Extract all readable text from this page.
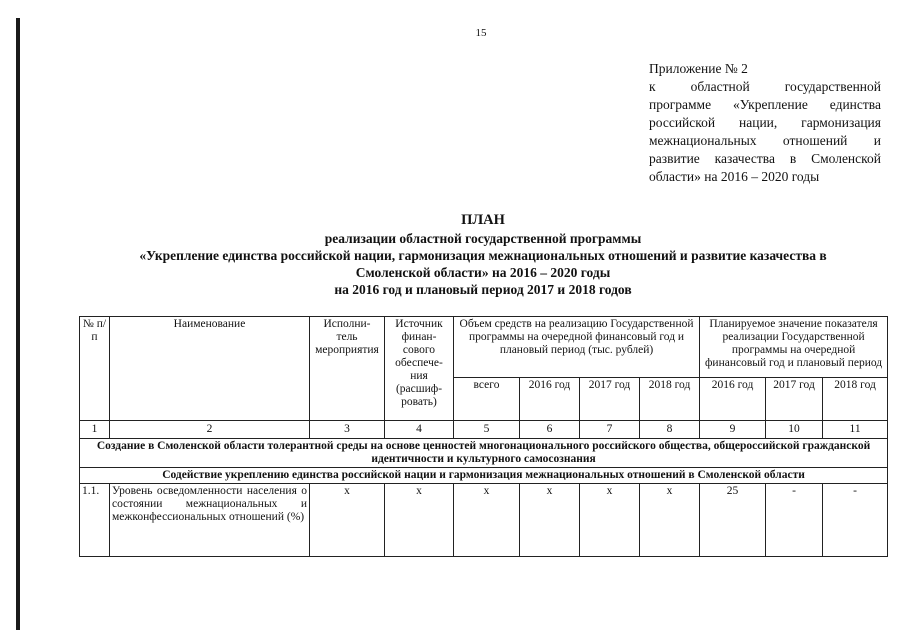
15
Приложение № 2
к областной государственной программе «Укрепление единства российской нации, гармонизация межнациональных отношений и развитие казачества в Смоленской области» на 2016 – 2020 годы
ПЛАН
реализации областной государственной программы
«Укрепление единства российской нации, гармонизация межнациональных отношений и развитие казачества в
Смоленской области» на 2016 – 2020 годы
на 2016 год и плановый период 2017 и 2018 годов
№ п/п	Наименование	Исполни- тель мероприятия	Источник финан- сового обеспече- ния (расшиф- ровать)	Объем средств на реализацию Государственной программы на очередной финансовый год и плановый период (тыс. рублей)				Планируемое значение показателя реализации Государственной программы на очередной финансовый год и плановый период		
				всего	2016 год	2017 год	2018 год	2016 год	2017 год	2018 год
1	2	3	4	5	6	7	8	9	10	11
Создание в Смоленской области толерантной среды на основе ценностей многонационального российского общества, общероссийской гражданской идентичности и культурного самосознания										
Содействие укреплению единства российской нации и гармонизация межнациональных отношений в Смоленской области										
1.1.	Уровень осведомленности населения о состоянии межнациональных и межконфессиональных отношений (%)	x	x	x	x	x	x	25	-	-
